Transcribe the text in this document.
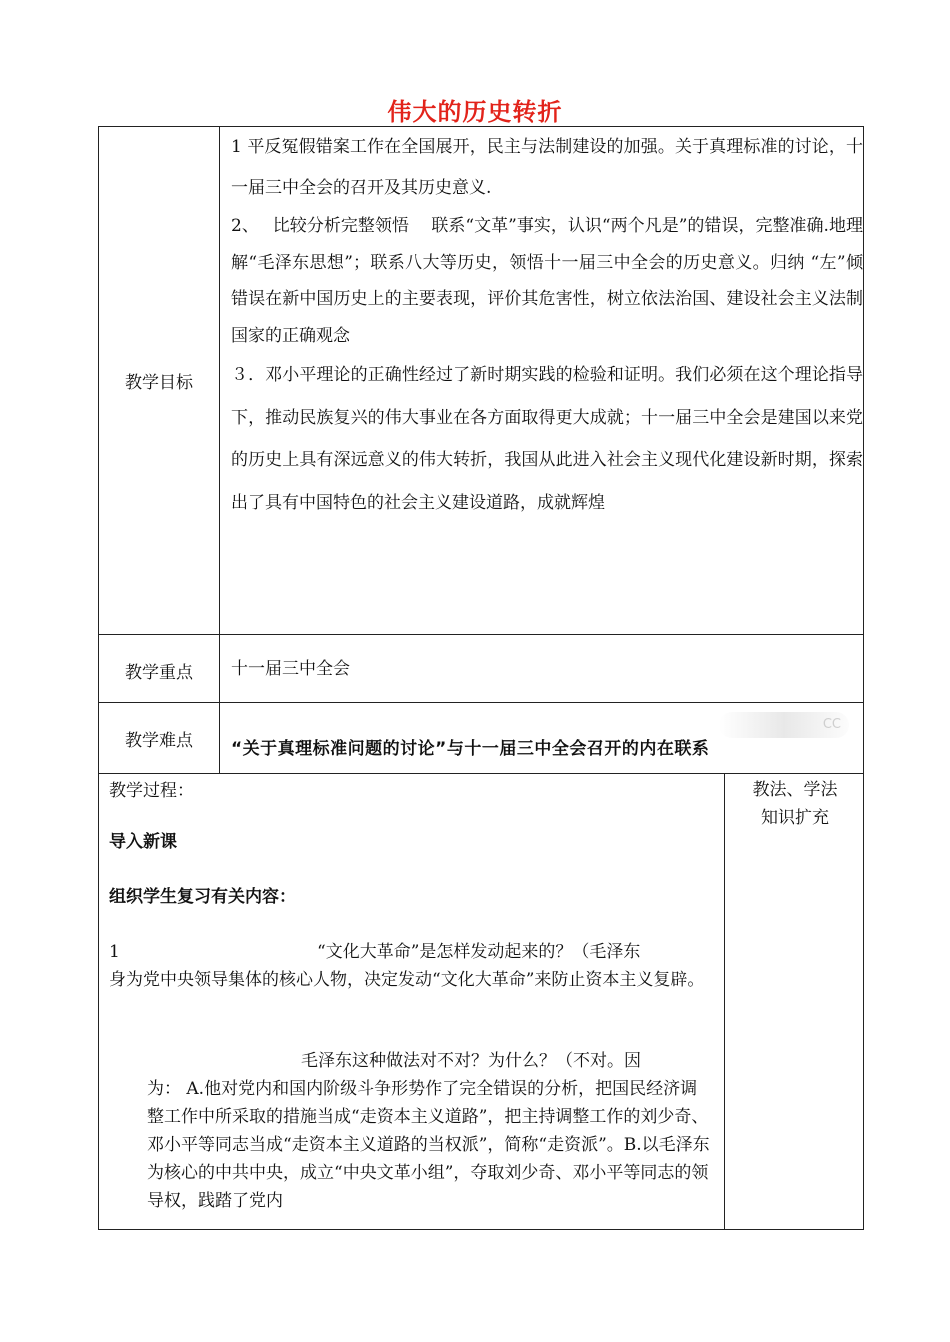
伟大的历史转折
教学目标

1 平反冤假错案工作在全国展开，民主与法制建设的加强。关于真理标准的讨论，十一届三中全会的召开及其历史意义.

2、　 比较分析完整领悟　 联系“文革”事实，认识“两个凡是”的错误，完整准确.地理解“毛泽东思想”；联系八大等历史，领悟十一届三中全会的历史意义。归纳 “左”倾错误在新中国历史上的主要表现，评价其危害性，树立依法治国、建设社会主义法制国家的正确观念

３．邓小平理论的正确性经过了新时期实践的检验和证明。我们必须在这个理论指导下，推动民族复兴的伟大事业在各方面取得更大成就；十一届三中全会是建国以来党的历史上具有深远意义的伟大转折，我国从此进入社会主义现代化建设新时期，探索出了具有中国特色的社会主义建设道路，成就辉煌

教学重点	十一届三中全会
教学难点
CC
“关于真理标准问题的讨论”与十一届三中全会召开的内在联系
教学过程：
导入新课
组织学生复习有关内容：
1	“文化大革命”是怎样发动起来的？（毛泽东
身为党中央领导集体的核心人物，决定发动“文化大革命”来防止资本主义复辟。
毛泽东这种做法对不对？为什么？（不对。因
为： A.他对党内和国内阶级斗争形势作了完全错误的分析，把国民经济调整工作中所采取的措施当成“走资本主义道路”，把主持调整工作的刘少奇、邓小平等同志当成“走资本主义道路的当权派”，简称“走资派”。B.以毛泽东为核心的中共中央，成立“中央文革小组”，夺取刘少奇、邓小平等同志的领导权，践踏了党内
教法、学法
知识扩充
